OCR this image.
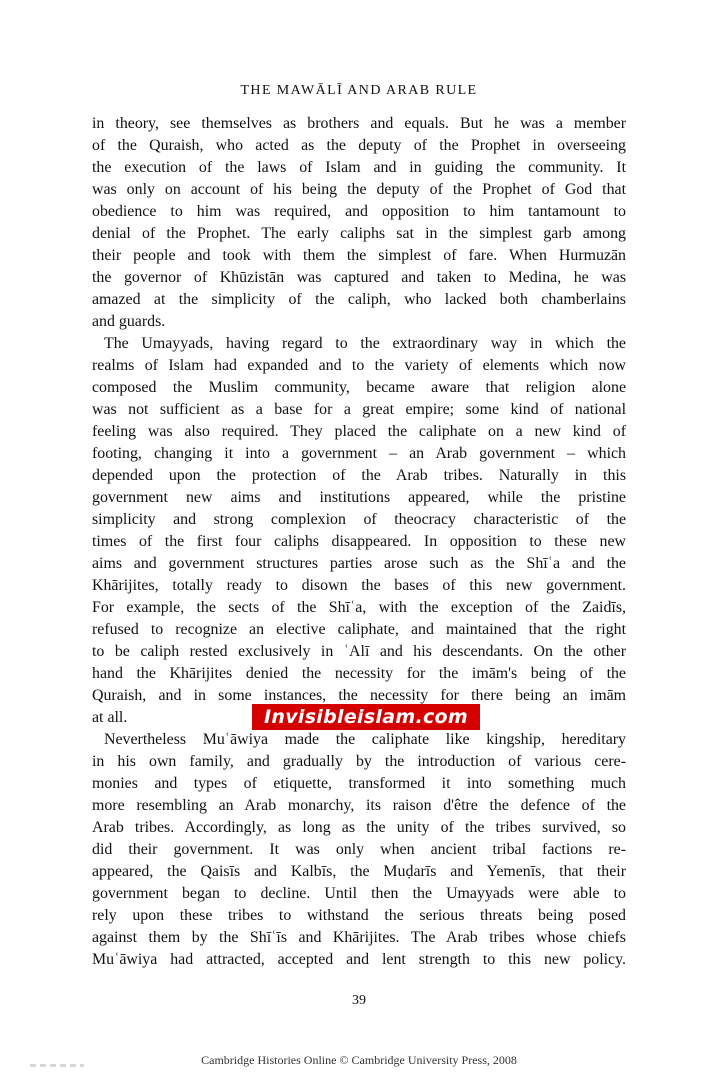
THE MAWĀLĪ AND ARAB RULE
in theory, see themselves as brothers and equals. But he was a member
of the Quraish, who acted as the deputy of the Prophet in overseeing
the execution of the laws of Islam and in guiding the community. It
was only on account of his being the deputy of the Prophet of God that
obedience to him was required, and opposition to him tantamount to
denial of the Prophet. The early caliphs sat in the simplest garb among
their people and took with them the simplest of fare. When Hurmuzān
the governor of Khūzistān was captured and taken to Medina, he was
amazed at the simplicity of the caliph, who lacked both chamberlains
and guards.
The Umayyads, having regard to the extraordinary way in which the
realms of Islam had expanded and to the variety of elements which now
composed the Muslim community, became aware that religion alone
was not sufficient as a base for a great empire; some kind of national
feeling was also required. They placed the caliphate on a new kind of
footing, changing it into a government – an Arab government – which
depended upon the protection of the Arab tribes. Naturally in this
government new aims and institutions appeared, while the pristine
simplicity and strong complexion of theocracy characteristic of the
times of the first four caliphs disappeared. In opposition to these new
aims and government structures parties arose such as the Shīʿa and the
Khārijites, totally ready to disown the bases of this new government.
For example, the sects of the Shīʿa, with the exception of the Zaidīs,
refused to recognize an elective caliphate, and maintained that the right
to be caliph rested exclusively in ʿAlī and his descendants. On the other
hand the Khārijites denied the necessity for the imām's being of the
Quraish, and in some instances, the necessity for there being an imām
at all.
Nevertheless Muʿāwiya made the caliphate like kingship, hereditary
in his own family, and gradually by the introduction of various cere-
monies and types of etiquette, transformed it into something much
more resembling an Arab monarchy, its raison d'être the defence of the
Arab tribes. Accordingly, as long as the unity of the tribes survived, so
did their government. It was only when ancient tribal factions re-
appeared, the Qaisīs and Kalbīs, the Muḍarīs and Yemenīs, that their
government began to decline. Until then the Umayyads were able to
rely upon these tribes to withstand the serious threats being posed
against them by the Shīʿīs and Khārijites. The Arab tribes whose chiefs
Muʿāwiya had attracted, accepted and lent strength to this new policy.
Invisibleislam.com
39
Cambridge Histories Online © Cambridge University Press, 2008
